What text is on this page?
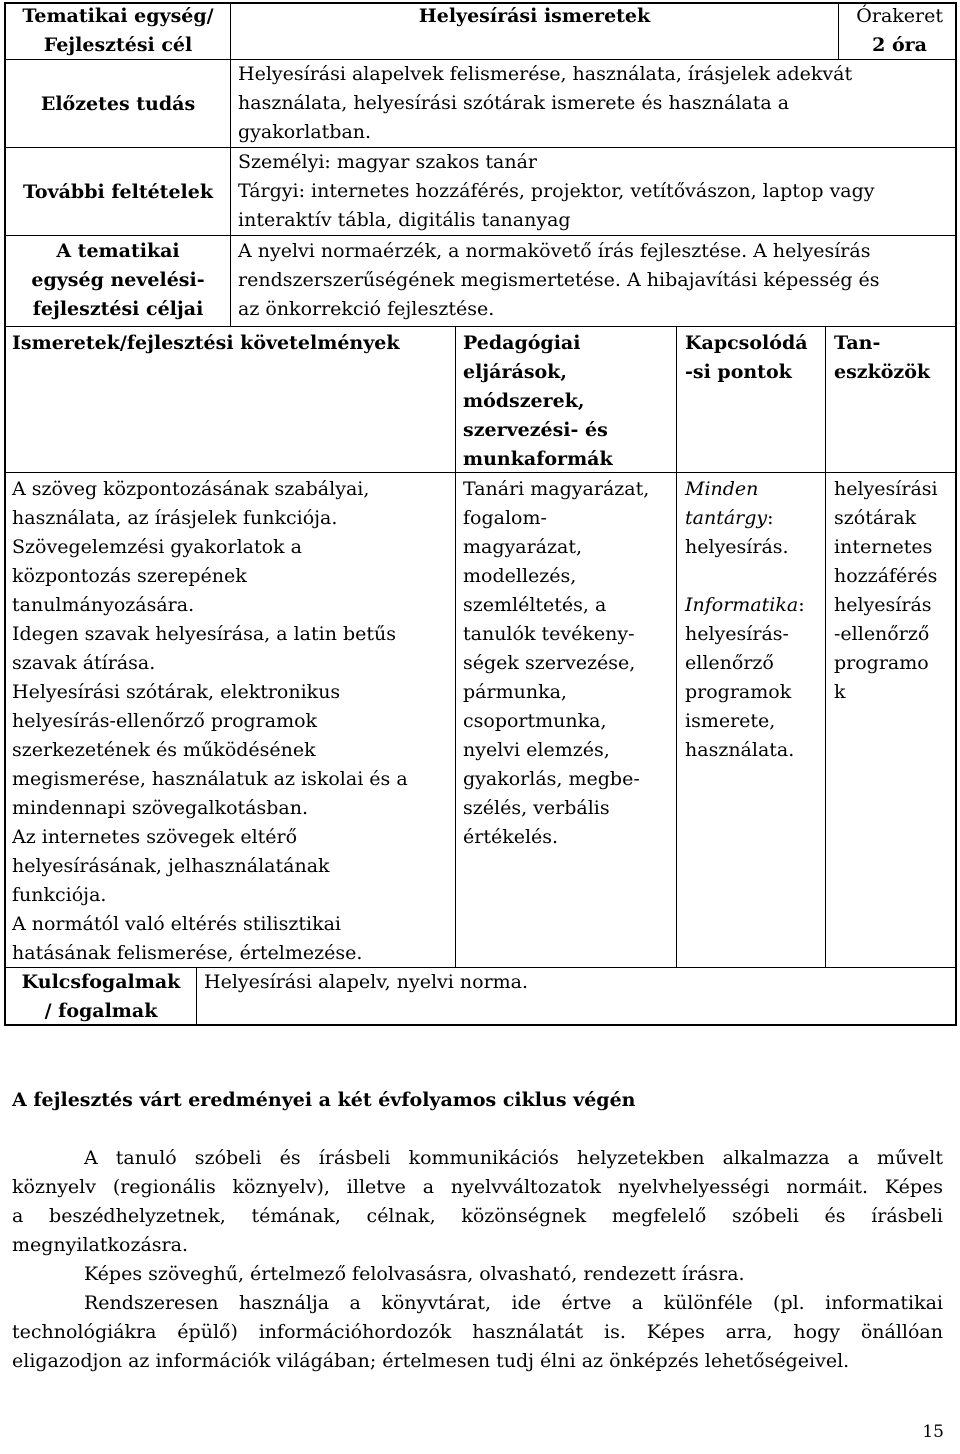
Tematikai egység/
Fejlesztési cél
Helyesírási ismeretek	Órakeret
2 óra
Előzetes tudás
Helyesírási alapelvek felismerése, használata, írásjelek adekvát
használata, helyesírási szótárak ismerete és használata a
gyakorlatban.
További feltételek
Személyi: magyar szakos tanár
Tárgyi: internetes hozzáférés, projektor, vetítővászon, laptop vagy
interaktív tábla, digitális tananyag
A tematikai
egység nevelési-
fejlesztési céljai
A nyelvi normaérzék, a normakövető írás fejlesztése. A helyesírás
rendszerszerűségének megismertetése. A hibajavítási képesség és
az önkorrekció fejlesztése.
Ismeretek/fejlesztési követelmények	Pedagógiai
eljárások,
módszerek,
szervezési- és
munkaformák
Kapcsolódá
-si pontok
Tan-
eszközök
A szöveg központozásának szabályai,
használata, az írásjelek funkciója.
Szövegelemzési gyakorlatok a
központozás szerepének
tanulmányozására.
Idegen szavak helyesírása, a latin betűs
szavak átírása.
Helyesírási szótárak, elektronikus
helyesírás-ellenőrző programok
szerkezetének és működésének
megismerése, használatuk az iskolai és a
mindennapi szövegalkotásban.
Az internetes szövegek eltérő
helyesírásának, jelhasználatának
funkciója.
A normától való eltérés stilisztikai
hatásának felismerése, értelmezése.
Tanári magyarázat,
fogalom-
magyarázat,
modellezés,
szemléltetés, a
tanulók tevékeny-
ségek szervezése,
pármunka,
csoportmunka,
nyelvi elemzés,
gyakorlás, megbe-
szélés, verbális
értékelés.
Minden
tantárgy:
helyesírás.
Informatika:
helyesírás-
ellenőrző
programok
ismerete,
használata.
helyesírási
szótárak
internetes
hozzáférés
helyesírás
-ellenőrző
programo
k
Kulcsfogalmak
/ fogalmak
Helyesírási alapelv, nyelvi norma.
A fejlesztés várt eredményei a két évfolyamos ciklus végén
A tanuló szóbeli és írásbeli kommunikációs helyzetekben alkalmazza a művelt
köznyelv (regionális köznyelv), illetve a nyelvváltozatok nyelvhelyességi normáit. Képes
a beszédhelyzetnek, témának, célnak, közönségnek megfelelő szóbeli és írásbeli
megnyilatkozásra.
Képes szöveghű, értelmező felolvasásra, olvasható, rendezett írásra.
Rendszeresen használja a könyvtárat, ide értve a különféle (pl. informatikai
technológiákra épülő) információhordozók használatát is. Képes arra, hogy önállóan
eligazodjon az információk világában; értelmesen tudj élni az önképzés lehetőségeivel.
15
